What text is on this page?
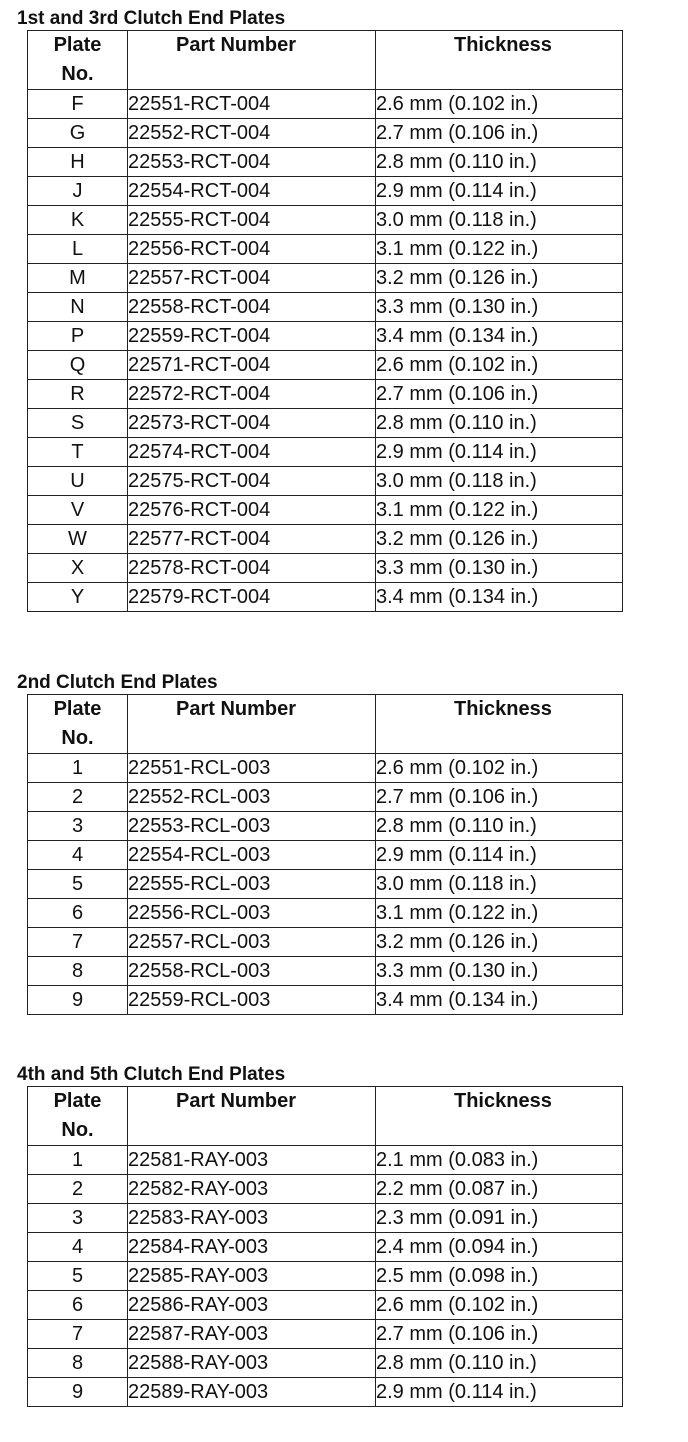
1st and 3rd Clutch End Plates
Plate No.	Part Number	Thickness
F	22551-RCT-004	2.6 mm (0.102 in.)
G	22552-RCT-004	2.7 mm (0.106 in.)
H	22553-RCT-004	2.8 mm (0.110 in.)
J	22554-RCT-004	2.9 mm (0.114 in.)
K	22555-RCT-004	3.0 mm (0.118 in.)
L	22556-RCT-004	3.1 mm (0.122 in.)
M	22557-RCT-004	3.2 mm (0.126 in.)
N	22558-RCT-004	3.3 mm (0.130 in.)
P	22559-RCT-004	3.4 mm (0.134 in.)
Q	22571-RCT-004	2.6 mm (0.102 in.)
R	22572-RCT-004	2.7 mm (0.106 in.)
S	22573-RCT-004	2.8 mm (0.110 in.)
T	22574-RCT-004	2.9 mm (0.114 in.)
U	22575-RCT-004	3.0 mm (0.118 in.)
V	22576-RCT-004	3.1 mm (0.122 in.)
W	22577-RCT-004	3.2 mm (0.126 in.)
X	22578-RCT-004	3.3 mm (0.130 in.)
Y	22579-RCT-004	3.4 mm (0.134 in.)
2nd Clutch End Plates
Plate No.	Part Number	Thickness
1	22551-RCL-003	2.6 mm (0.102 in.)
2	22552-RCL-003	2.7 mm (0.106 in.)
3	22553-RCL-003	2.8 mm (0.110 in.)
4	22554-RCL-003	2.9 mm (0.114 in.)
5	22555-RCL-003	3.0 mm (0.118 in.)
6	22556-RCL-003	3.1 mm (0.122 in.)
7	22557-RCL-003	3.2 mm (0.126 in.)
8	22558-RCL-003	3.3 mm (0.130 in.)
9	22559-RCL-003	3.4 mm (0.134 in.)
4th and 5th Clutch End Plates
Plate No.	Part Number	Thickness
1	22581-RAY-003	2.1 mm (0.083 in.)
2	22582-RAY-003	2.2 mm (0.087 in.)
3	22583-RAY-003	2.3 mm (0.091 in.)
4	22584-RAY-003	2.4 mm (0.094 in.)
5	22585-RAY-003	2.5 mm (0.098 in.)
6	22586-RAY-003	2.6 mm (0.102 in.)
7	22587-RAY-003	2.7 mm (0.106 in.)
8	22588-RAY-003	2.8 mm (0.110 in.)
9	22589-RAY-003	2.9 mm (0.114 in.)
